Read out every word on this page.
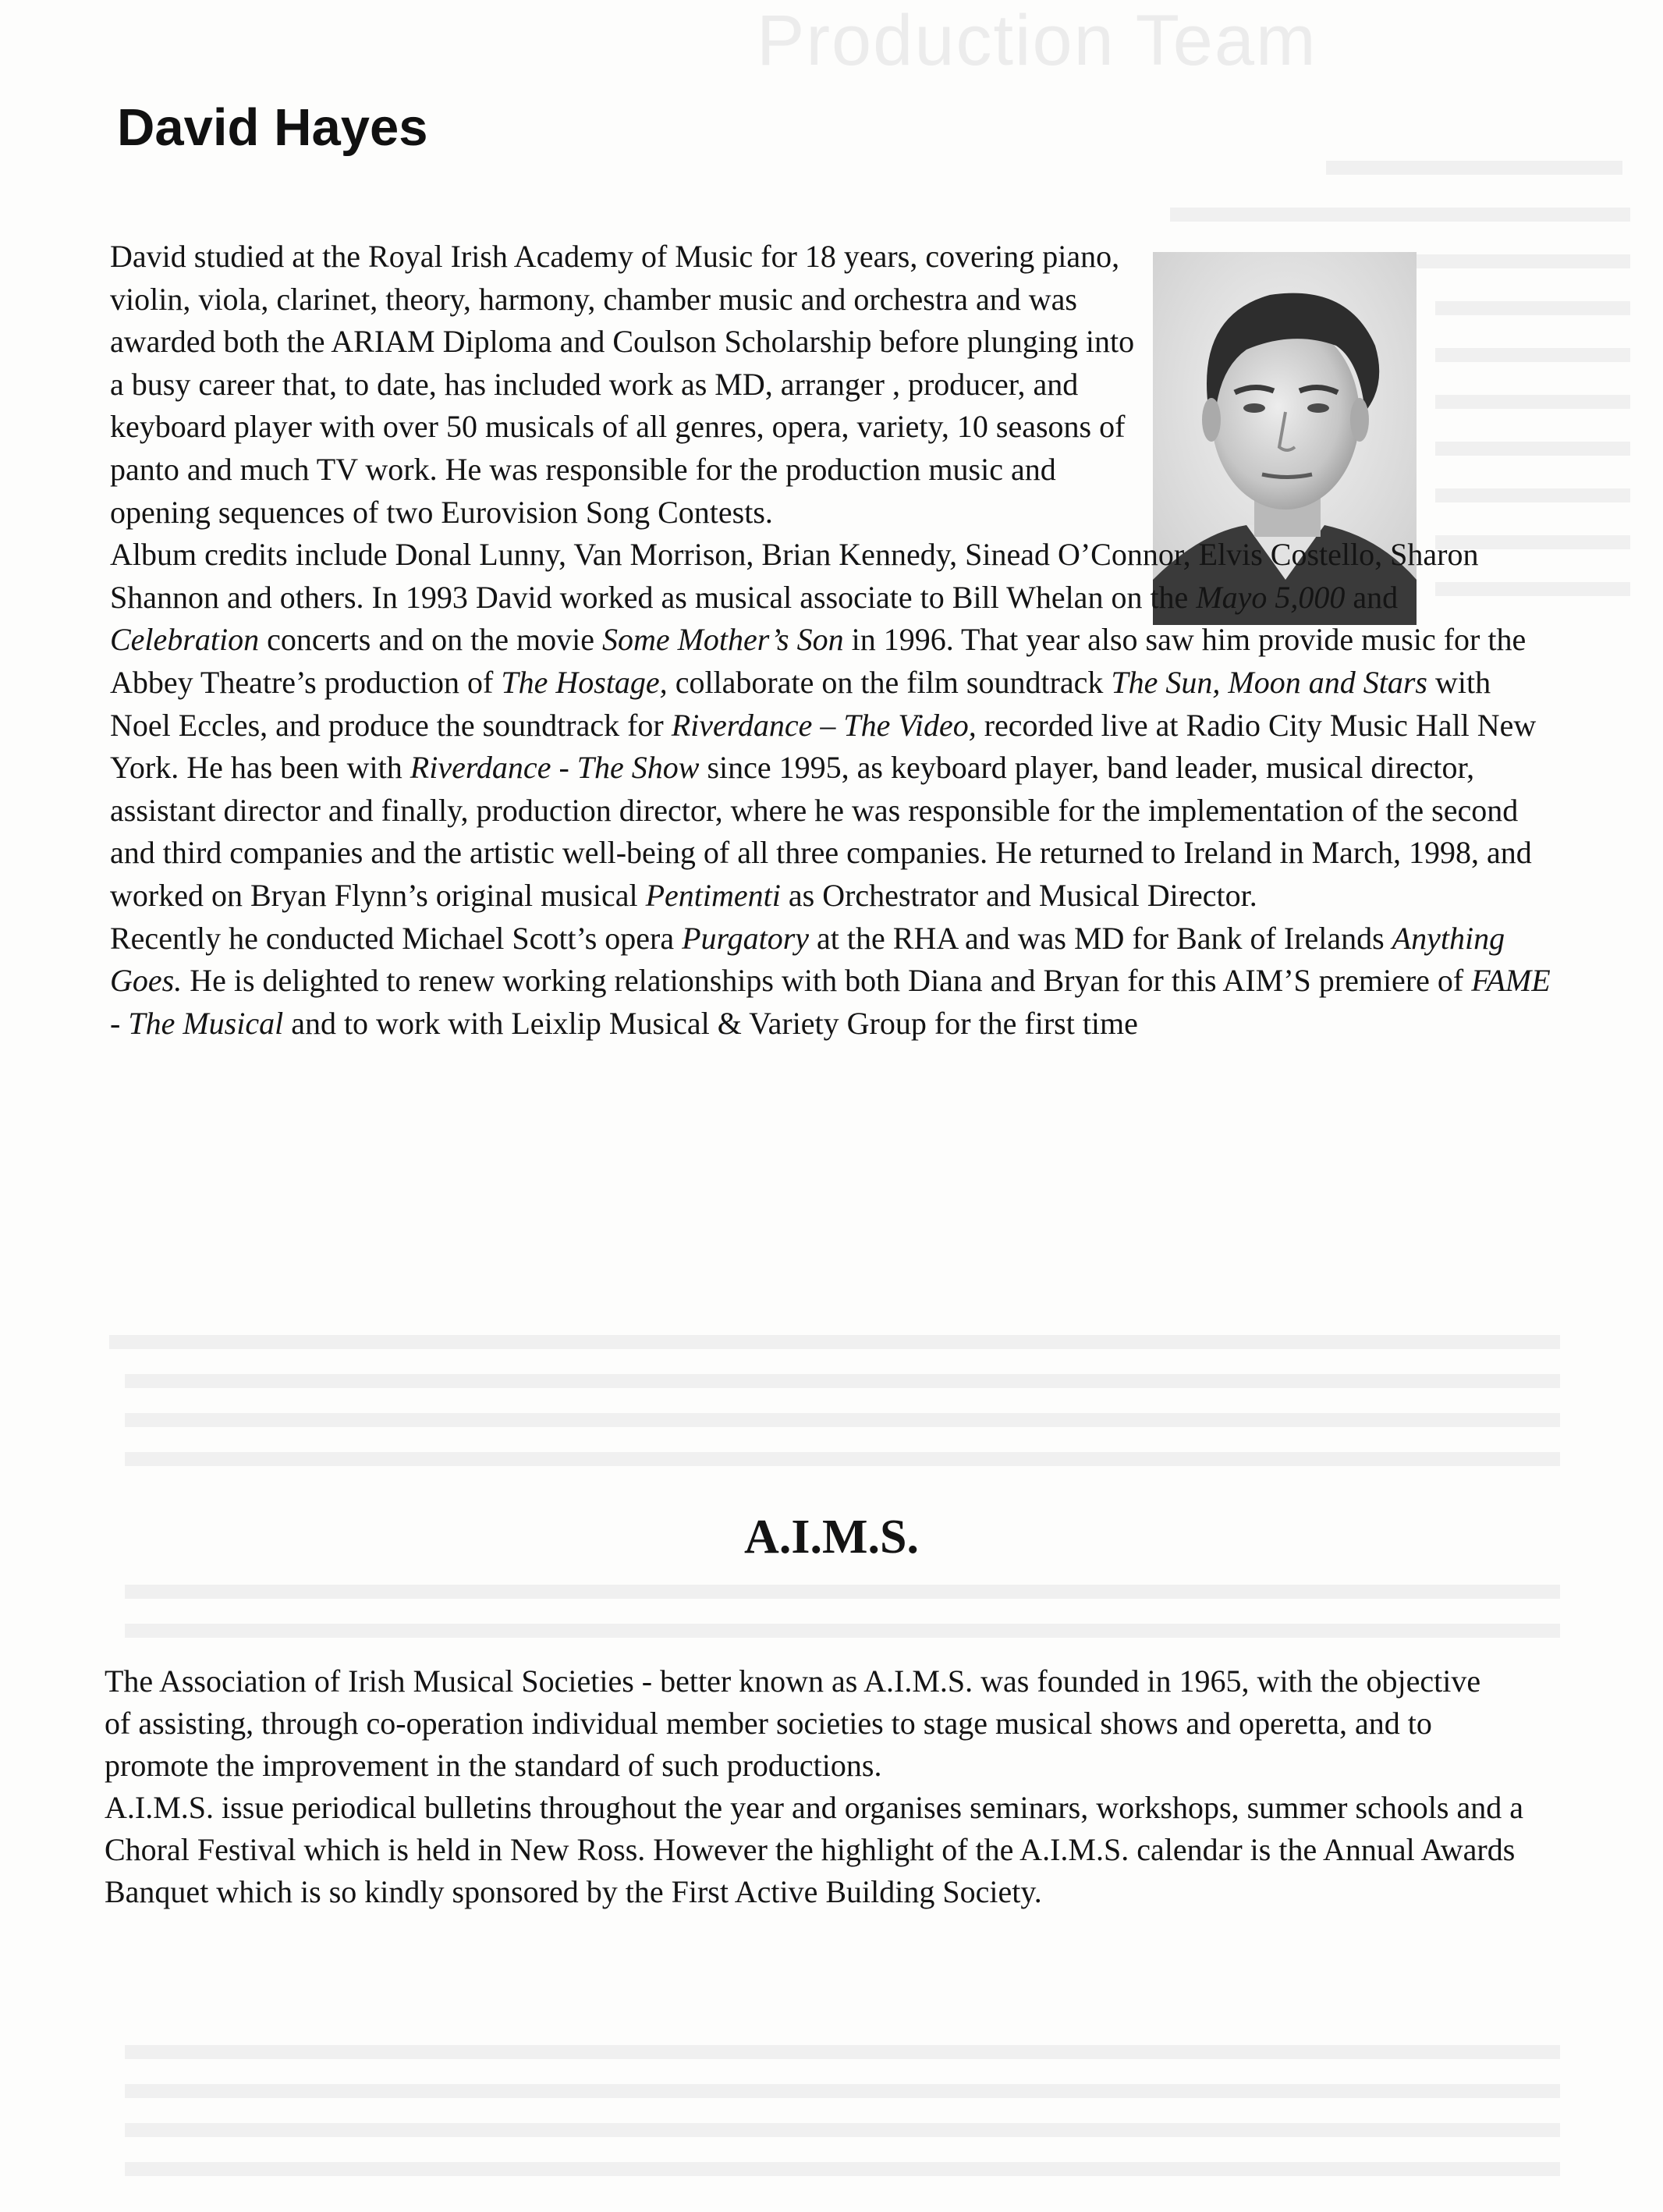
Production Team
David Hayes

David studied at the Royal Irish Academy of Music for 18 years, covering piano, violin, viola, clarinet, theory, harmony, chamber music and orchestra and was awarded both the ARIAM Diploma and Coulson Scholarship before plunging into a busy career that, to date, has included work as MD, arranger , producer, and keyboard player with over 50 musicals of all genres, opera, variety, 10 seasons of panto and much TV work. He was responsible for the production music and opening sequences of two Eurovision Song Contests.

Album credits include Donal Lunny, Van Morrison, Brian Kennedy, Sinead O’Connor, Elvis Costello, Sharon Shannon and others. In 1993 David worked as musical associate to Bill Whelan on the Mayo 5,000 and Celebration concerts and on the movie Some Mother’s Son in 1996. That year also saw him provide music for the Abbey Theatre’s production of The Hostage, collaborate on the film soundtrack The Sun, Moon and Stars with Noel Eccles, and produce the soundtrack for Riverdance – The Video, recorded live at Radio City Music Hall New York. He has been with Riverdance - The Show since 1995, as keyboard player, band leader, musical director, assistant director and finally, production director, where he was responsible for the implementation of the second and third companies and the artistic well-being of all three companies. He returned to Ireland in March, 1998, and worked on Bryan Flynn’s original musical Pentimenti as Orchestrator and Musical Director.

Recently he conducted Michael Scott’s opera Purgatory at the RHA and was MD for Bank of Irelands Anything Goes. He is delighted to renew working relationships with both Diana and Bryan for this AIM’S premiere of FAME - The Musical and to work with Leixlip Musical & Variety Group for the first time

A.I.M.S.

The Association of Irish Musical Societies - better known as A.I.M.S. was founded in 1965, with the objective of assisting, through co-operation individual member societies to stage musical shows and operetta, and to promote the improvement in the standard of such productions.

A.I.M.S. issue periodical bulletins throughout the year and organises seminars, workshops, summer schools and a Choral Festival which is held in New Ross. However the highlight of the A.I.M.S. calendar is the Annual Awards Banquet which is so kindly sponsored by the First Active Building Society.
